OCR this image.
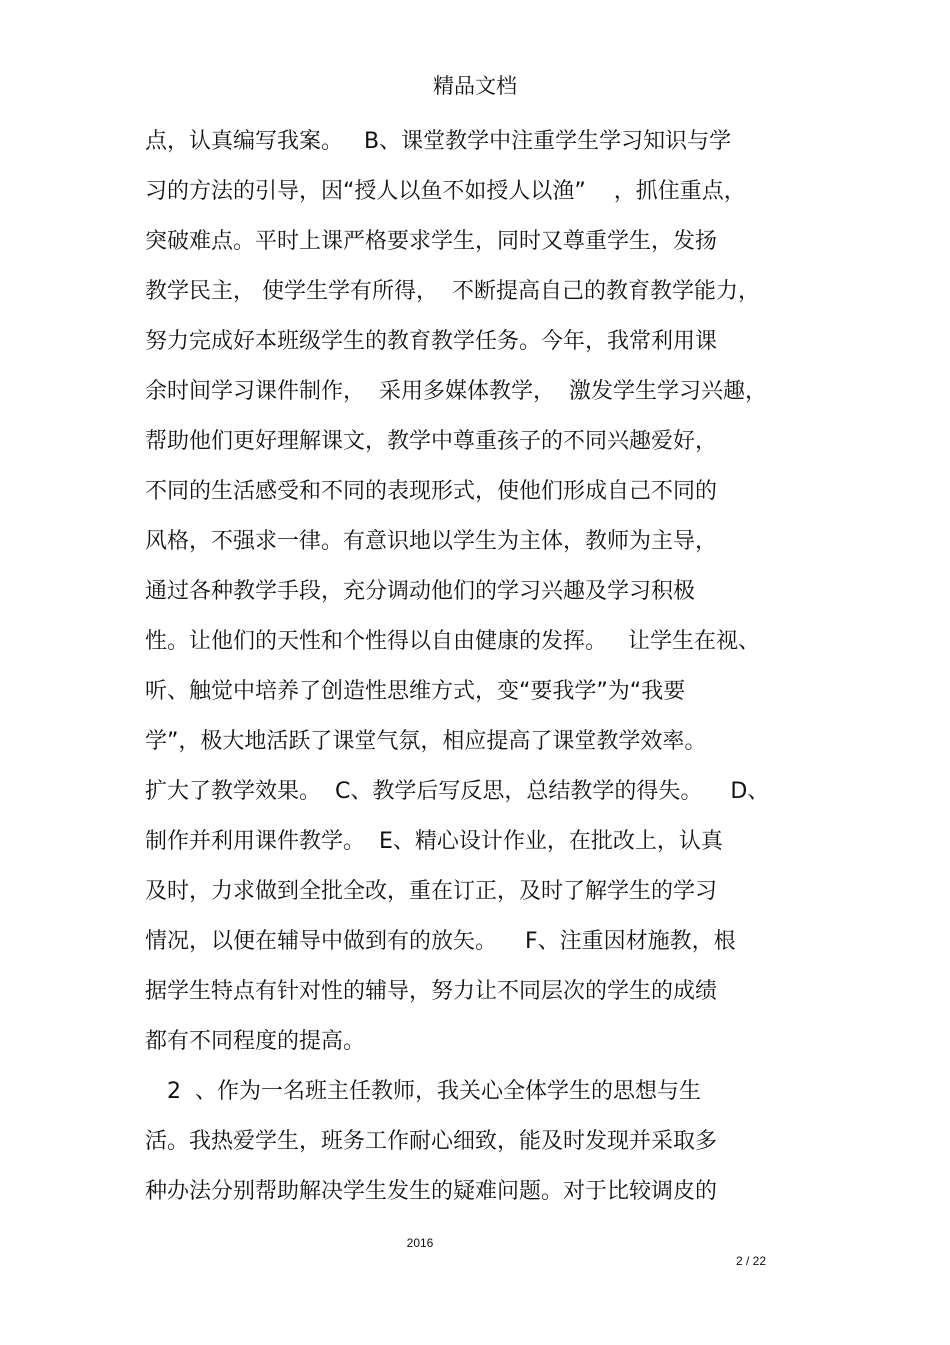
精品文档
点，认真编写我案。   B、课堂教学中注重学生学习知识与学
习的方法的引导，因“授人以鱼不如授人以渔”    ，抓住重点，
突破难点。平时上课严格要求学生，同时又尊重学生，发扬
教学民主， 使学生学有所得，  不断提高自己的教育教学能力，
努力完成好本班级学生的教育教学任务。今年，我常利用课
余时间学习课件制作，  采用多媒体教学，  激发学生学习兴趣，
帮助他们更好理解课文，教学中尊重孩子的不同兴趣爱好，
不同的生活感受和不同的表现形式，使他们形成自己不同的
风格，不强求一律。有意识地以学生为主体，教师为主导，
通过各种教学手段，充分调动他们的学习兴趣及学习积极
性。让他们的天性和个性得以自由健康的发挥。   让学生在视、
听、触觉中培养了创造性思维方式，变“要我学”为“我要
学”，极大地活跃了课堂气氛，相应提高了课堂教学效率。
扩大了教学效果。  C、教学后写反思，总结教学的得失。    D、
制作并利用课件教学。  E、精心设计作业，在批改上，认真
及时，力求做到全批全改，重在订正，及时了解学生的学习
情况，以便在辅导中做到有的放矢。    F、注重因材施教，根
据学生特点有针对性的辅导，努力让不同层次的学生的成绩
都有不同程度的提高。
2  、作为一名班主任教师，我关心全体学生的思想与生
活。我热爱学生，班务工作耐心细致，能及时发现并采取多
种办法分别帮助解决学生发生的疑难问题。对于比较调皮的
2016
2 / 22
